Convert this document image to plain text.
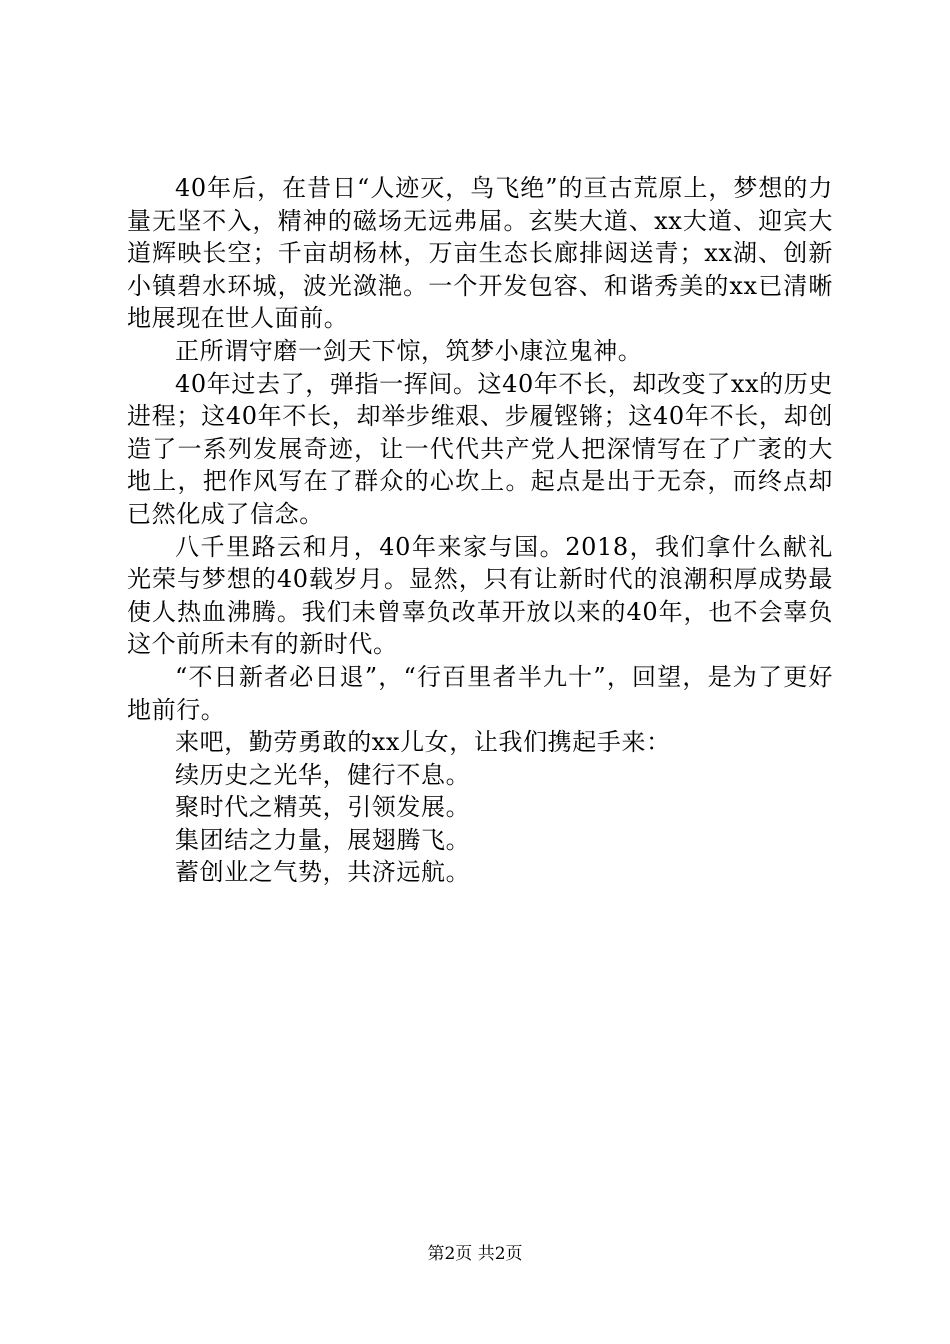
40年后，在昔日“人迹灭，鸟飞绝”的亘古荒原上，梦想的力量无坚不入，精神的磁场无远弗届。玄奘大道、xx大道、迎宾大道辉映长空；千亩胡杨林，万亩生态长廊排闼送青；xx湖、创新小镇碧水环城，波光潋滟。一个开发包容、和谐秀美的xx已清晰地展现在世人面前。

正所谓守磨一剑天下惊，筑梦小康泣鬼神。

40年过去了，弹指一挥间。这40年不长，却改变了xx的历史进程；这40年不长，却举步维艰、步履铿锵；这40年不长，却创造了一系列发展奇迹，让一代代共产党人把深情写在了广袤的大地上，把作风写在了群众的心坎上。起点是出于无奈，而终点却已然化成了信念。

八千里路云和月，40年来家与国。2018，我们拿什么献礼光荣与梦想的40载岁月。显然，只有让新时代的浪潮积厚成势最使人热血沸腾。我们未曾辜负改革开放以来的40年，也不会辜负这个前所未有的新时代。

“不日新者必日退”，“行百里者半九十”，回望，是为了更好地前行。

来吧，勤劳勇敢的xx儿女，让我们携起手来：

续历史之光华，健行不息。

聚时代之精英，引领发展。

集团结之力量，展翅腾飞。

蓄创业之气势，共济远航。

第2页 共2页
